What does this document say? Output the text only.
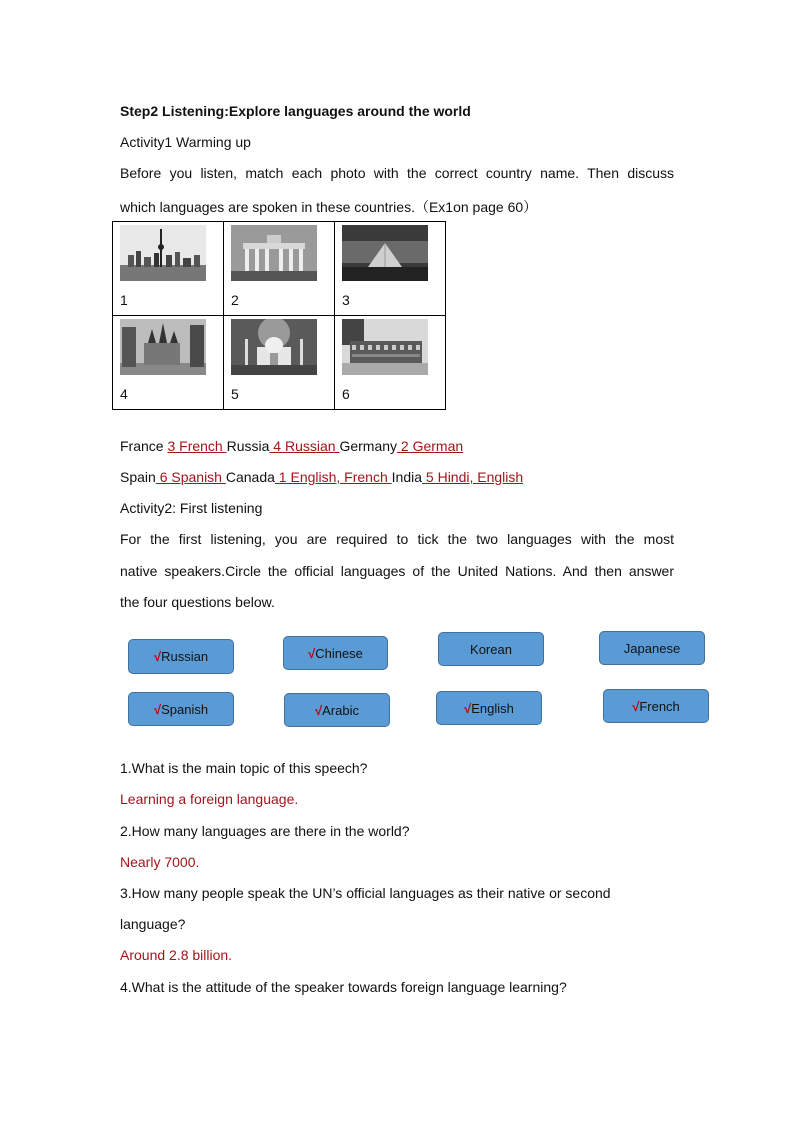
Step2 Listening:Explore languages around the world
Activity1 Warming up
Before you listen, match each photo with the correct country name. Then discuss
which languages are spoken in these countries.（Ex1on page 60）
1	2	3

4	5	6
France 3 French Russia 4 Russian Germany 2 German
Spain 6 Spanish Canada 1 English, French India 5 Hindi, English
Activity2: First listening
For the first listening, you are required to tick the two languages with the most
native speakers.Circle the official languages of the United Nations. And then answer
the four questions below.
√ Russian	√ Chinese	Korean	Japanese
√ Spanish	√ Arabic	√ English	√ French
1.What is the main topic of this speech?
Learning a foreign language.
2.How many languages are there in the world?
Nearly 7000.
3.How many people speak the UN’s official languages as their native or second
language?
Around 2.8 billion.
4.What is the attitude of the speaker towards foreign language learning?
